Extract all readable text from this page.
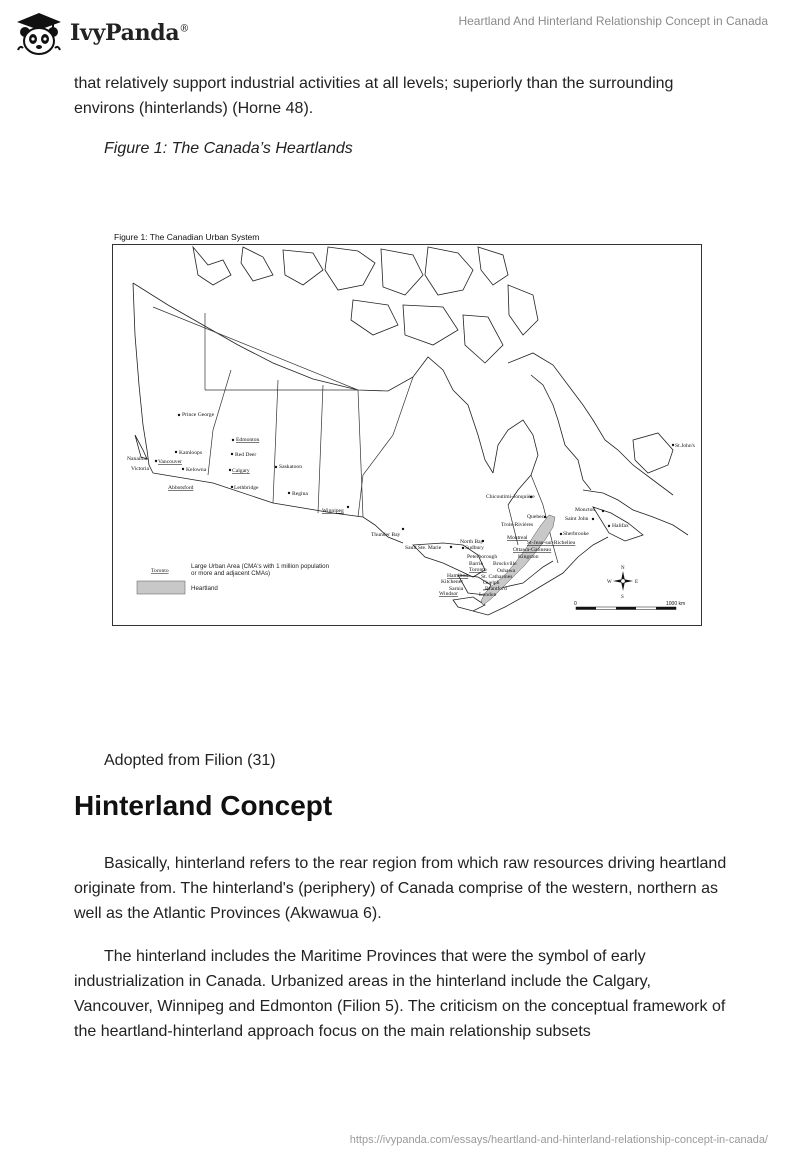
IvyPanda®
Heartland And Hinterland Relationship Concept in Canada
that relatively support industrial activities at all levels; superiorly than the surrounding environs (hinterlands) (Horne 48).
Figure 1: The Canada’s Heartlands
Figure 1: The Canadian Urban System
Prince George
Kamloops
Nanaimo Vancouver
Victoria	Kelowna
Abbotsford
Edmonton
Red Deer
Calgary
Lethbridge
Saskatoon
Regina
Winnipeg
Thunder Bay
Sault Ste. Marie
North Bay
Sudbury
Peterborough
Barrie
Toronto
Brockville
Oshawa
Ottawa-Gatineau
Kingston
Hamilton St. Catharines
Kitchener	Guelph
Sarnia	Brantford
Windsor	London
Chicoutimi-Jonquière
Quebec
Trois-Rivières
Montreal
Sherbrooke
St-Jean-sur-Richelieu
Moncton
Saint John
Halifax
St.John's
Toronto
Large Urban Area (CMA's with 1 million population
or more and adjacent CMAs)
Heartland
N
S
E
W
0	1000 km
Adopted from Filion (31)
Hinterland Concept
Basically, hinterland refers to the rear region from which raw resources driving heartland originate from. The hinterland's (periphery) of Canada comprise of the western, northern as well as the Atlantic Provinces (Akwawua 6).
The hinterland includes the Maritime Provinces that were the symbol of early industrialization in Canada. Urbanized areas in the hinterland include the Calgary, Vancouver, Winnipeg and Edmonton (Filion 5). The criticism on the conceptual framework of the heartland-hinterland approach focus on the main relationship subsets
https://ivypanda.com/essays/heartland-and-hinterland-relationship-concept-in-canada/
